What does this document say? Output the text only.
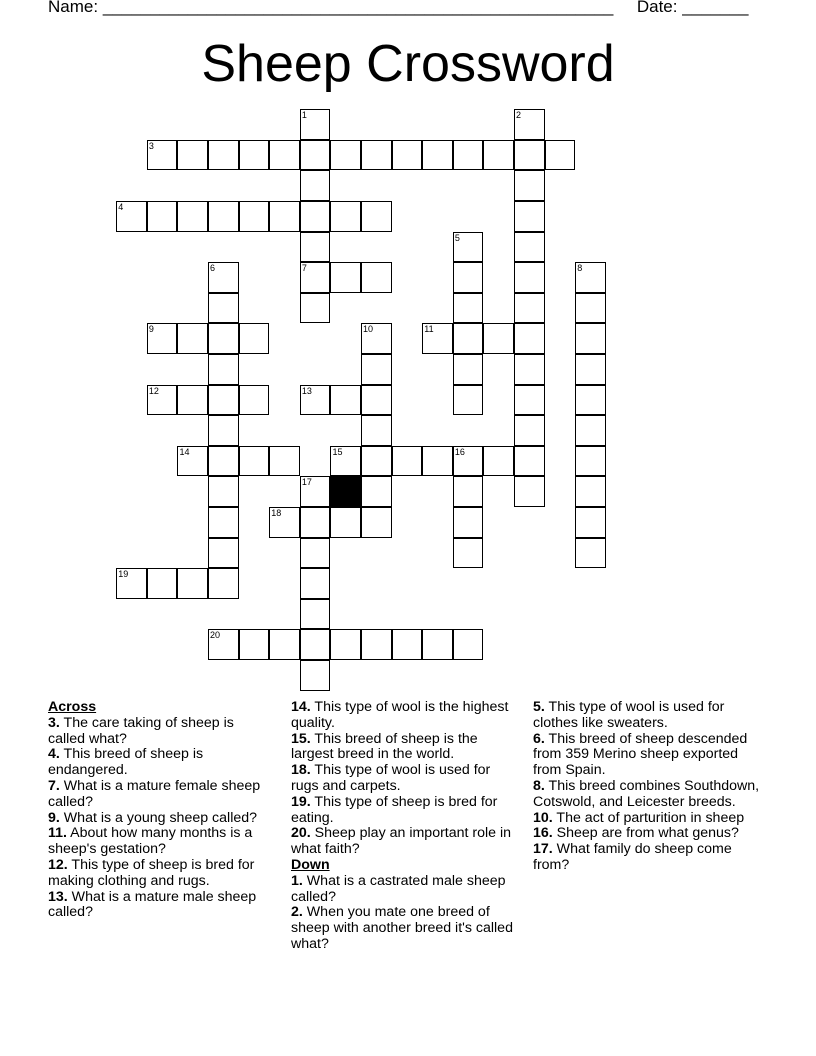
Name: ______________________________________________________ Date: _______
Sheep Crossword
1
7
2
3
4
5
6	8
9	10	11
12	13
14	15	16
17
18
19
20
Across
3. The care taking of sheep is called what?
4. This breed of sheep is endangered.
7. What is a mature female sheep called?
9. What is a young sheep called?
11. About how many months is a sheep's gestation?
12. This type of sheep is bred for making clothing and rugs.
13. What is a mature male sheep called?
14. This type of wool is the highest quality.
15. This breed of sheep is the largest breed in the world.
18. This type of wool is used for rugs and carpets.
19. This type of sheep is bred for eating.
20. Sheep play an important role in what faith?
Down
1. What is a castrated male sheep called?
2. When you mate one breed of sheep with another breed it's called what?
5. This type of wool is used for clothes like sweaters.
6. This breed of sheep descended from 359 Merino sheep exported from Spain.
8. This breed combines Southdown, Cotswold, and Leicester breeds.
10. The act of parturition in sheep
16. Sheep are from what genus?
17. What family do sheep come from?
